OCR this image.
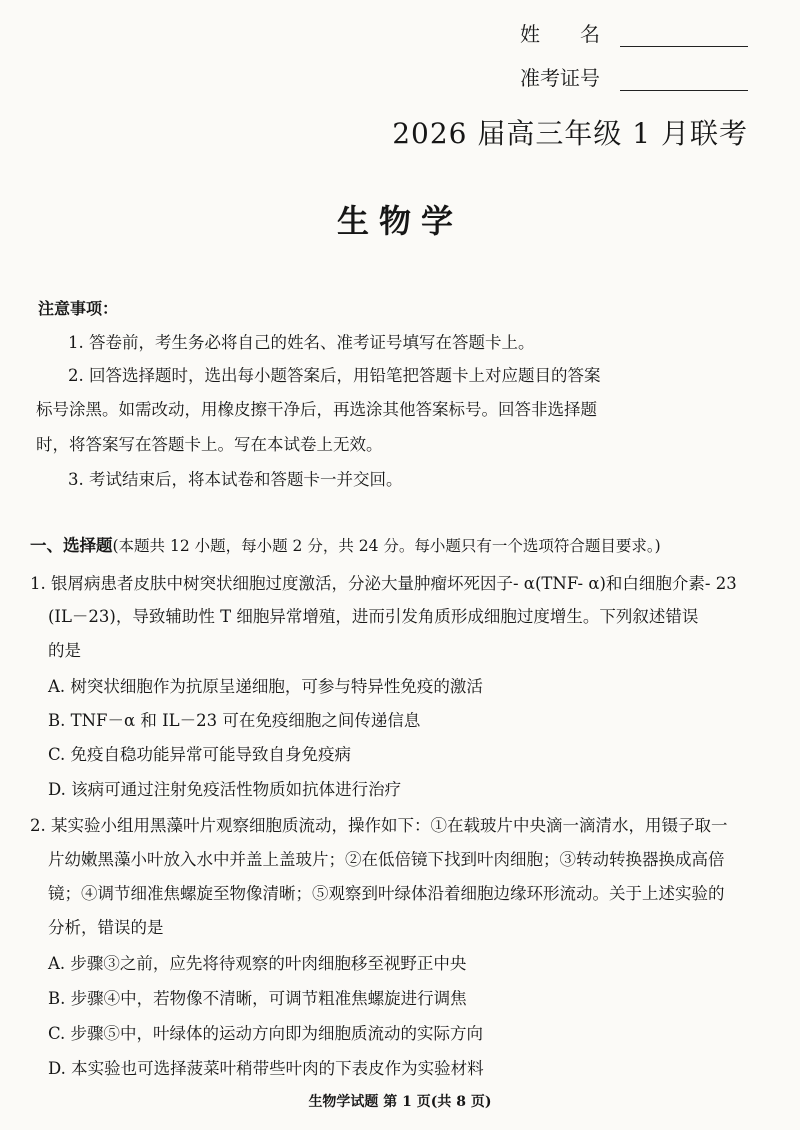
姓　　名
准考证号
2026 届高三年级 1 月联考
生物学
注意事项：
1. 答卷前，考生务必将自己的姓名、准考证号填写在答题卡上。
2. 回答选择题时，选出每小题答案后，用铅笔把答题卡上对应题目的答案
标号涂黑。如需改动，用橡皮擦干净后，再选涂其他答案标号。回答非选择题
时，将答案写在答题卡上。写在本试卷上无效。
3. 考试结束后，将本试卷和答题卡一并交回。
一、选择题(本题共 12 小题，每小题 2 分，共 24 分。每小题只有一个选项符合题目要求。)
1. 银屑病患者皮肤中树突状细胞过度激活，分泌大量肿瘤坏死因子- α(TNF- α)和白细胞介素- 23
(IL－23)，导致辅助性 T 细胞异常增殖，进而引发角质形成细胞过度增生。下列叙述错误
的是
A. 树突状细胞作为抗原呈递细胞，可参与特异性免疫的激活
B. TNF－α 和 IL－23 可在免疫细胞之间传递信息
C. 免疫自稳功能异常可能导致自身免疫病
D. 该病可通过注射免疫活性物质如抗体进行治疗
2. 某实验小组用黑藻叶片观察细胞质流动，操作如下：①在载玻片中央滴一滴清水，用镊子取一
片幼嫩黑藻小叶放入水中并盖上盖玻片；②在低倍镜下找到叶肉细胞；③转动转换器换成高倍
镜；④调节细准焦螺旋至物像清晰；⑤观察到叶绿体沿着细胞边缘环形流动。关于上述实验的
分析，错误的是
A. 步骤③之前，应先将待观察的叶肉细胞移至视野正中央
B. 步骤④中，若物像不清晰，可调节粗准焦螺旋进行调焦
C. 步骤⑤中，叶绿体的运动方向即为细胞质流动的实际方向
D. 本实验也可选择菠菜叶稍带些叶肉的下表皮作为实验材料
生物学试题 第 1 页(共 8 页)
